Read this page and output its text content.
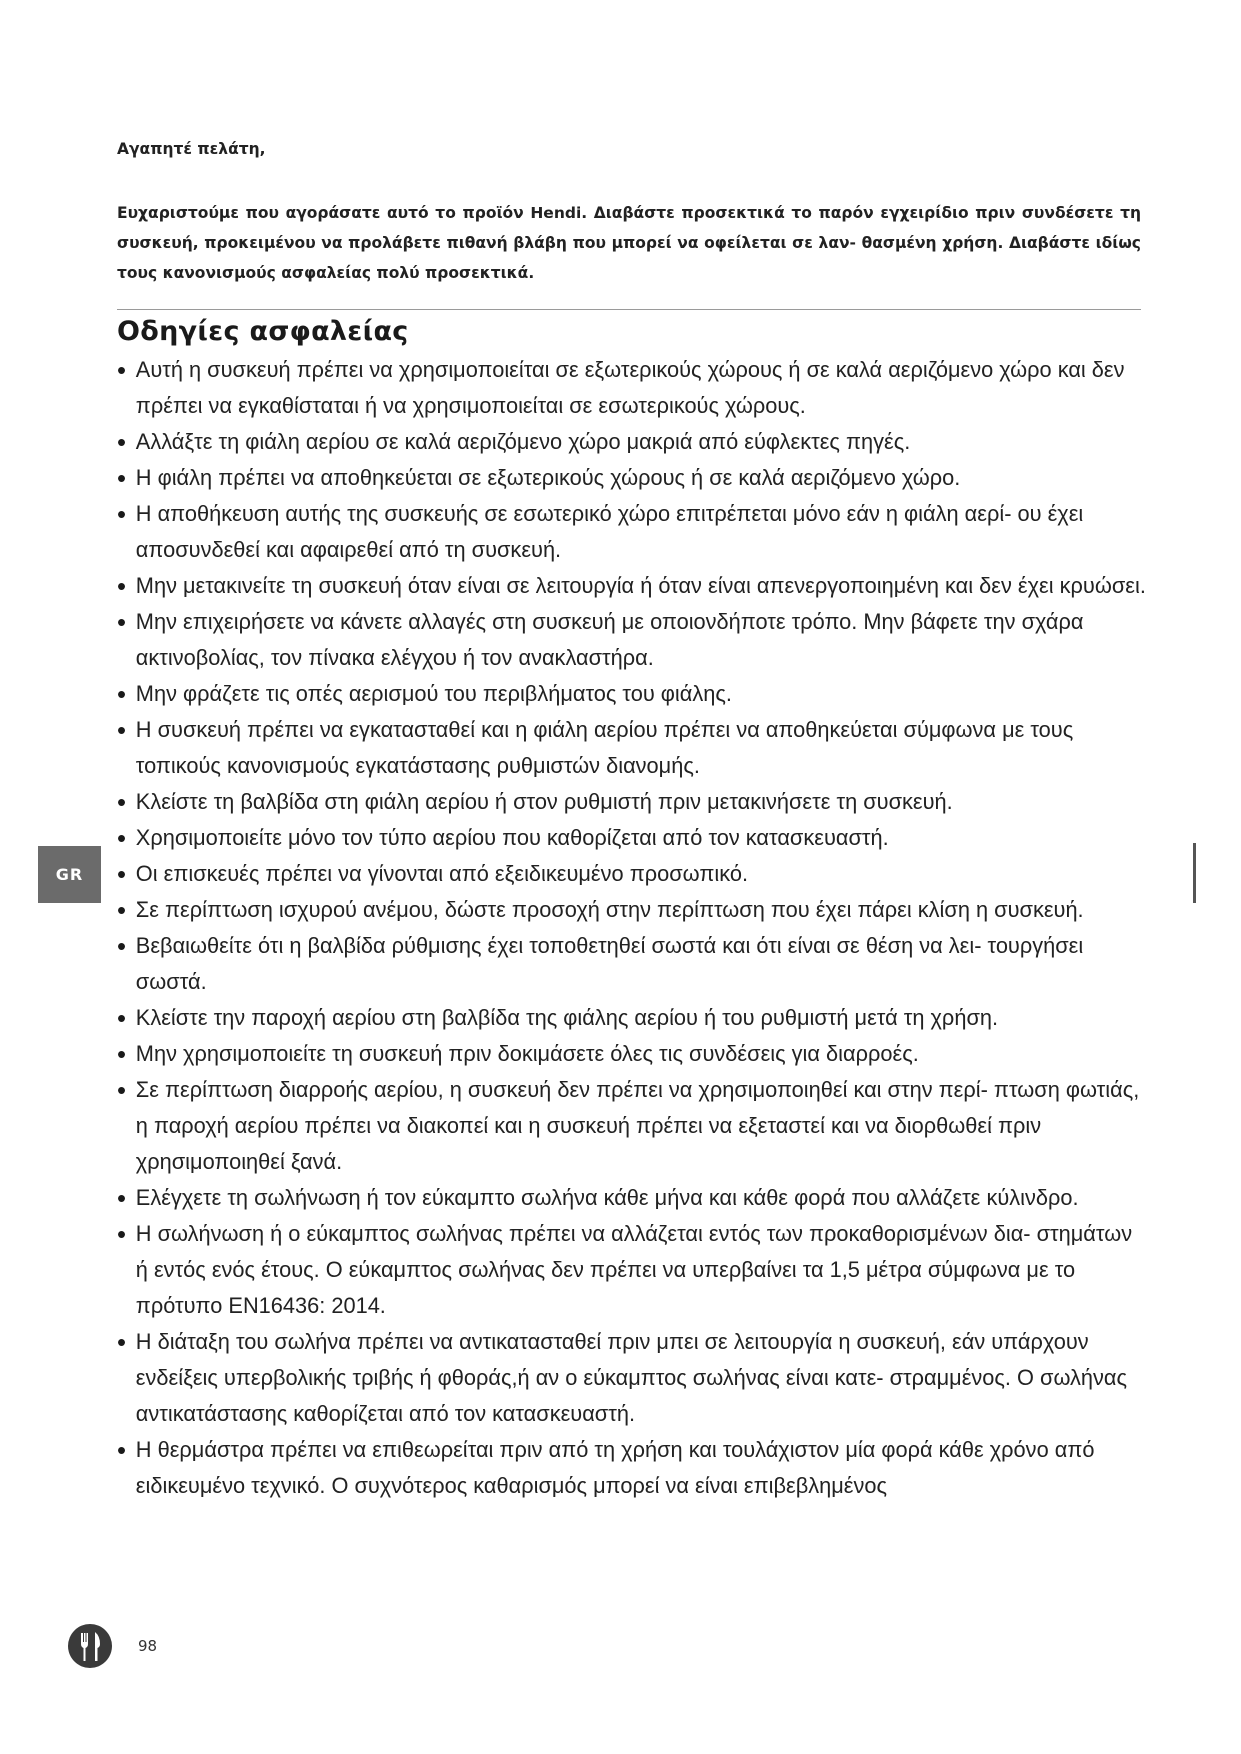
Αγαπητέ πελάτη,
Ευχαριστούμε που αγοράσατε αυτό το προϊόν Hendi. Διαβάστε προσεκτικά το παρόν εγχειρίδιο πριν συνδέσετε τη συσκευή, προκειμένου να προλάβετε πιθανή βλάβη που μπορεί να οφείλεται σε λαν- θασμένη χρήση. Διαβάστε ιδίως τους κανονισμούς ασφαλείας πολύ προσεκτικά.
Οδηγίες ασφαλείας
• Αυτή η συσκευή πρέπει να χρησιμοποιείται σε εξωτερικούς χώρους ή σε καλά αεριζόμενο χώρο και δεν πρέπει να εγκαθίσταται ή να χρησιμοποιείται σε εσωτερικούς χώρους.
• Αλλάξτε τη φιάλη αερίου σε καλά αεριζόμενο χώρο μακριά από εύφλεκτες πηγές.
• Η φιάλη πρέπει να αποθηκεύεται σε εξωτερικούς χώρους ή σε καλά αεριζόμενο χώρο.
• Η αποθήκευση αυτής της συσκευής σε εσωτερικό χώρο επιτρέπεται μόνο εάν η φιάλη αερί- ου έχει αποσυνδεθεί και αφαιρεθεί από τη συσκευή.
• Μην μετακινείτε τη συσκευή όταν είναι σε λειτουργία ή όταν είναι απενεργοποιημένη και δεν έχει κρυώσει.
• Μην επιχειρήσετε να κάνετε αλλαγές στη συσκευή με οποιονδήποτε τρόπο. Μην βάφετε την σχάρα ακτινοβολίας, τον πίνακα ελέγχου ή τον ανακλαστήρα.
• Μην φράζετε τις οπές αερισμού του περιβλήματος του φιάλης.
• Η συσκευή πρέπει να εγκατασταθεί και η φιάλη αερίου πρέπει να αποθηκεύεται σύμφωνα με τους τοπικούς κανονισμούς εγκατάστασης ρυθμιστών διανομής.
• Κλείστε τη βαλβίδα στη φιάλη αερίου ή στον ρυθμιστή πριν μετακινήσετε τη συσκευή.
• Χρησιμοποιείτε μόνο τον τύπο αερίου που καθορίζεται από τον κατασκευαστή.
• Οι επισκευές πρέπει να γίνονται από εξειδικευμένο προσωπικό.
• Σε περίπτωση ισχυρού ανέμου, δώστε προσοχή στην περίπτωση που έχει πάρει κλίση η συσκευή.
• Βεβαιωθείτε ότι η βαλβίδα ρύθμισης έχει τοποθετηθεί σωστά και ότι είναι σε θέση να λει- τουργήσει σωστά.
• Κλείστε την παροχή αερίου στη βαλβίδα της φιάλης αερίου ή του ρυθμιστή μετά τη χρήση.
• Μην χρησιμοποιείτε τη συσκευή πριν δοκιμάσετε όλες τις συνδέσεις για διαρροές.
• Σε περίπτωση διαρροής αερίου, η συσκευή δεν πρέπει να χρησιμοποιηθεί και στην περί- πτωση φωτιάς, η παροχή αερίου πρέπει να διακοπεί και η συσκευή πρέπει να εξεταστεί και να διορθωθεί πριν χρησιμοποιηθεί ξανά.
• Ελέγχετε τη σωλήνωση ή τον εύκαμπτο σωλήνα κάθε μήνα και κάθε φορά που αλλάζετε κύλινδρο.
• Η σωλήνωση ή ο εύκαμπτος σωλήνας πρέπει να αλλάζεται εντός των προκαθορισμένων δια- στημάτων ή εντός ενός έτους. Ο εύκαμπτος σωλήνας δεν πρέπει να υπερβαίνει τα 1,5 μέτρα σύμφωνα με το πρότυπο EN16436: 2014.
• Η διάταξη του σωλήνα πρέπει να αντικατασταθεί πριν μπει σε λειτουργία η συσκευή, εάν υπάρχουν ενδείξεις υπερβολικής τριβής ή φθοράς,ή αν ο εύκαμπτος σωλήνας είναι κατε- στραμμένος. Ο σωλήνας αντικατάστασης καθορίζεται από τον κατασκευαστή.
• Η θερμάστρα πρέπει να επιθεωρείται πριν από τη χρήση και τουλάχιστον μία φορά κάθε χρόνο από ειδικευμένο τεχνικό. Ο συχνότερος καθαρισμός μπορεί να είναι επιβεβλημένος
GR
98
